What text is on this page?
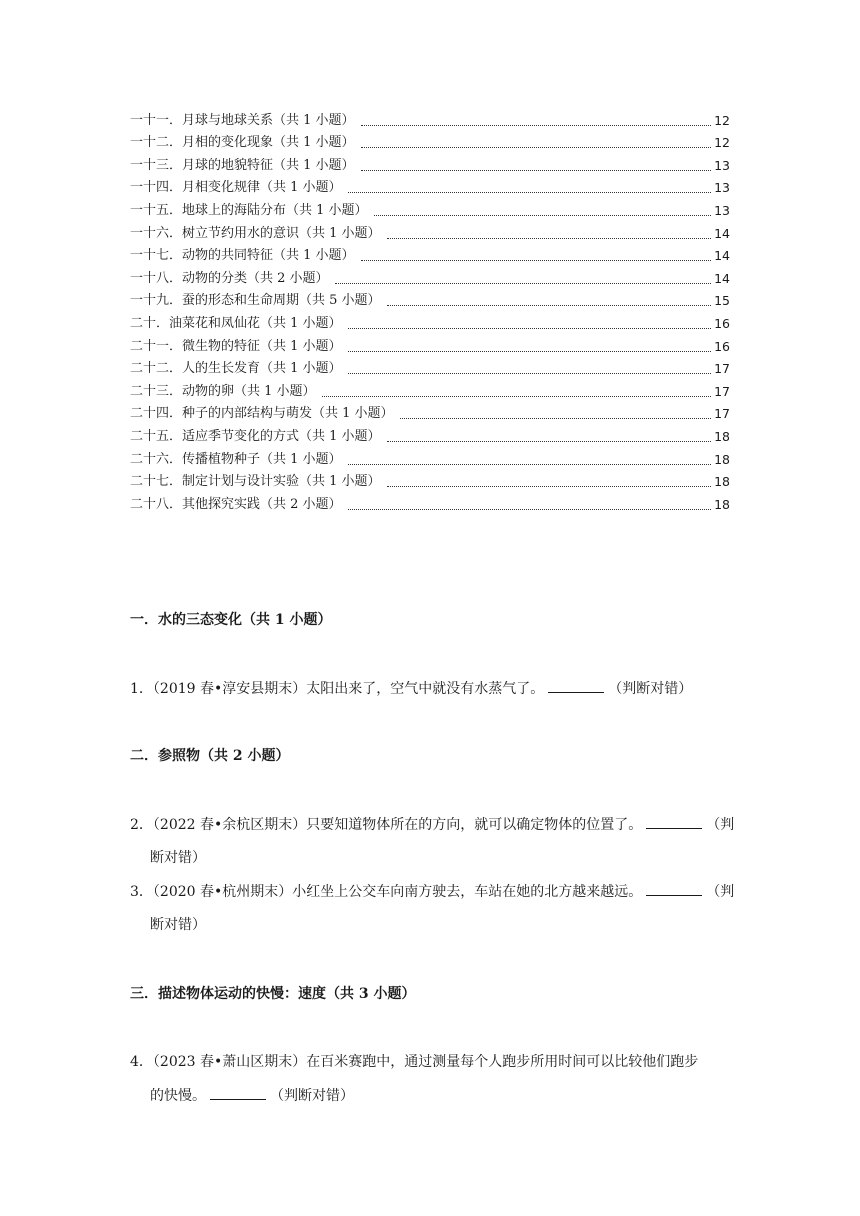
一十一．月球与地球关系（共 1 小题）	12
一十二．月相的变化现象（共 1 小题）	12
一十三．月球的地貌特征（共 1 小题）	13
一十四．月相变化规律（共 1 小题）	13
一十五．地球上的海陆分布（共 1 小题）	13
一十六．树立节约用水的意识（共 1 小题）	14
一十七．动物的共同特征（共 1 小题）	14
一十八．动物的分类（共 2 小题）	14
一十九．蚕的形态和生命周期（共 5 小题）	15
二十．油菜花和凤仙花（共 1 小题）	16
二十一．微生物的特征（共 1 小题）	16
二十二．人的生长发育（共 1 小题）	17
二十三．动物的卵（共 1 小题）	17
二十四．种子的内部结构与萌发（共 1 小题）	17
二十五．适应季节变化的方式（共 1 小题）	18
二十六．传播植物种子（共 1 小题）	18
二十七．制定计划与设计实验（共 1 小题）	18
二十八．其他探究实践（共 2 小题）	18
一．水的三态变化（共 1 小题）
1．（2019 春•淳安县期末）太阳出来了，空气中就没有水蒸气了。	（判断对错）
二．参照物（共 2 小题）
2．（2022 春•余杭区期末）只要知道物体所在的方向，就可以确定物体的位置了。	（判
断对错）
3．（2020 春•杭州期末）小红坐上公交车向南方驶去，车站在她的北方越来越远。	（判
断对错）
三．描述物体运动的快慢：速度（共 3 小题）
4．（2023 春•萧山区期末）在百米赛跑中，通过测量每个人跑步所用时间可以比较他们跑步
的快慢。	（判断对错）
